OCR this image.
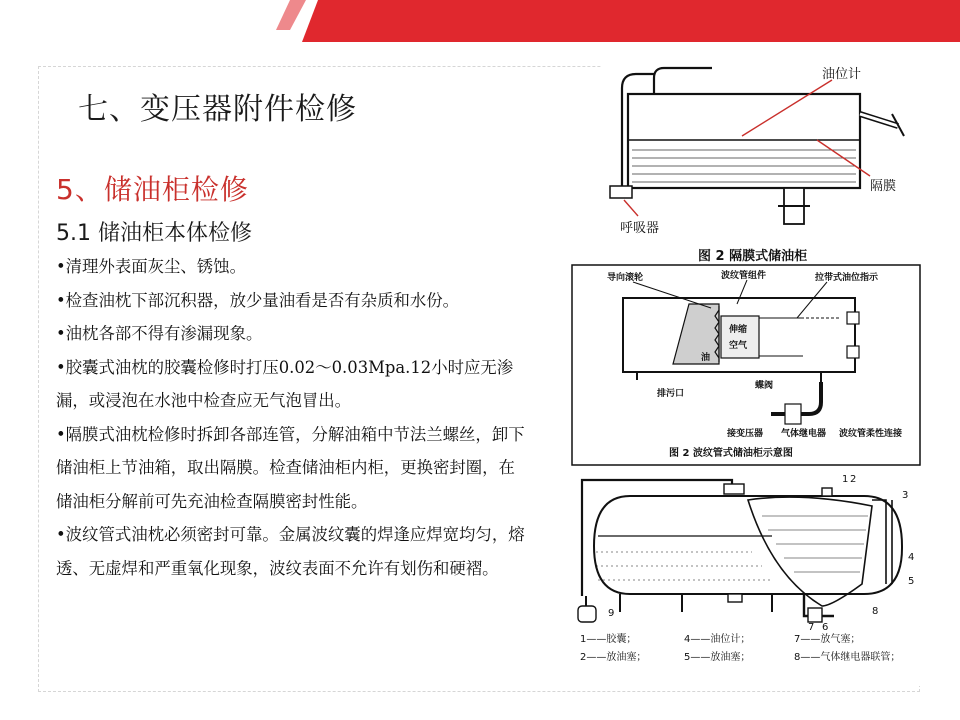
七、变压器附件检修
5、储油柜检修
5.1 储油柜本体检修

•清理外表面灰尘、锈蚀。

•检查油枕下部沉积器，放少量油看是否有杂质和水份。

•油枕各部不得有渗漏现象。

•胶囊式油枕的胶囊检修时打压0.02～0.03Mpa.12小时应无渗漏，或浸泡在水池中检查应无气泡冒出。

•隔膜式油枕检修时拆卸各部连管，分解油箱中节法兰螺丝，卸下储油柜上节油箱，取出隔膜。检查储油柜内柜，更换密封圈，在储油柜分解前可先充油检查隔膜密封性能。

•波纹管式油枕必须密封可靠。金属波纹囊的焊逢应焊宽均匀，熔透、无虚焊和严重氧化现象，波纹表面不允许有划伤和硬褶。

油位计
隔膜
呼吸器
图 2 隔膜式储油柜
导向滚轮	波纹管组件	拉带式油位指示
伸缩
空气
油
排污口
蝶阀
接变压器 气体继电器 波纹管柔性连接
图 2 波纹管式储油柜示意图
1 2
3
4
5
6
7
8
9
1——胶囊；	4——油位计；	7——放气塞；
2——放油塞；	5——放油塞；	8——气体继电器联管；
